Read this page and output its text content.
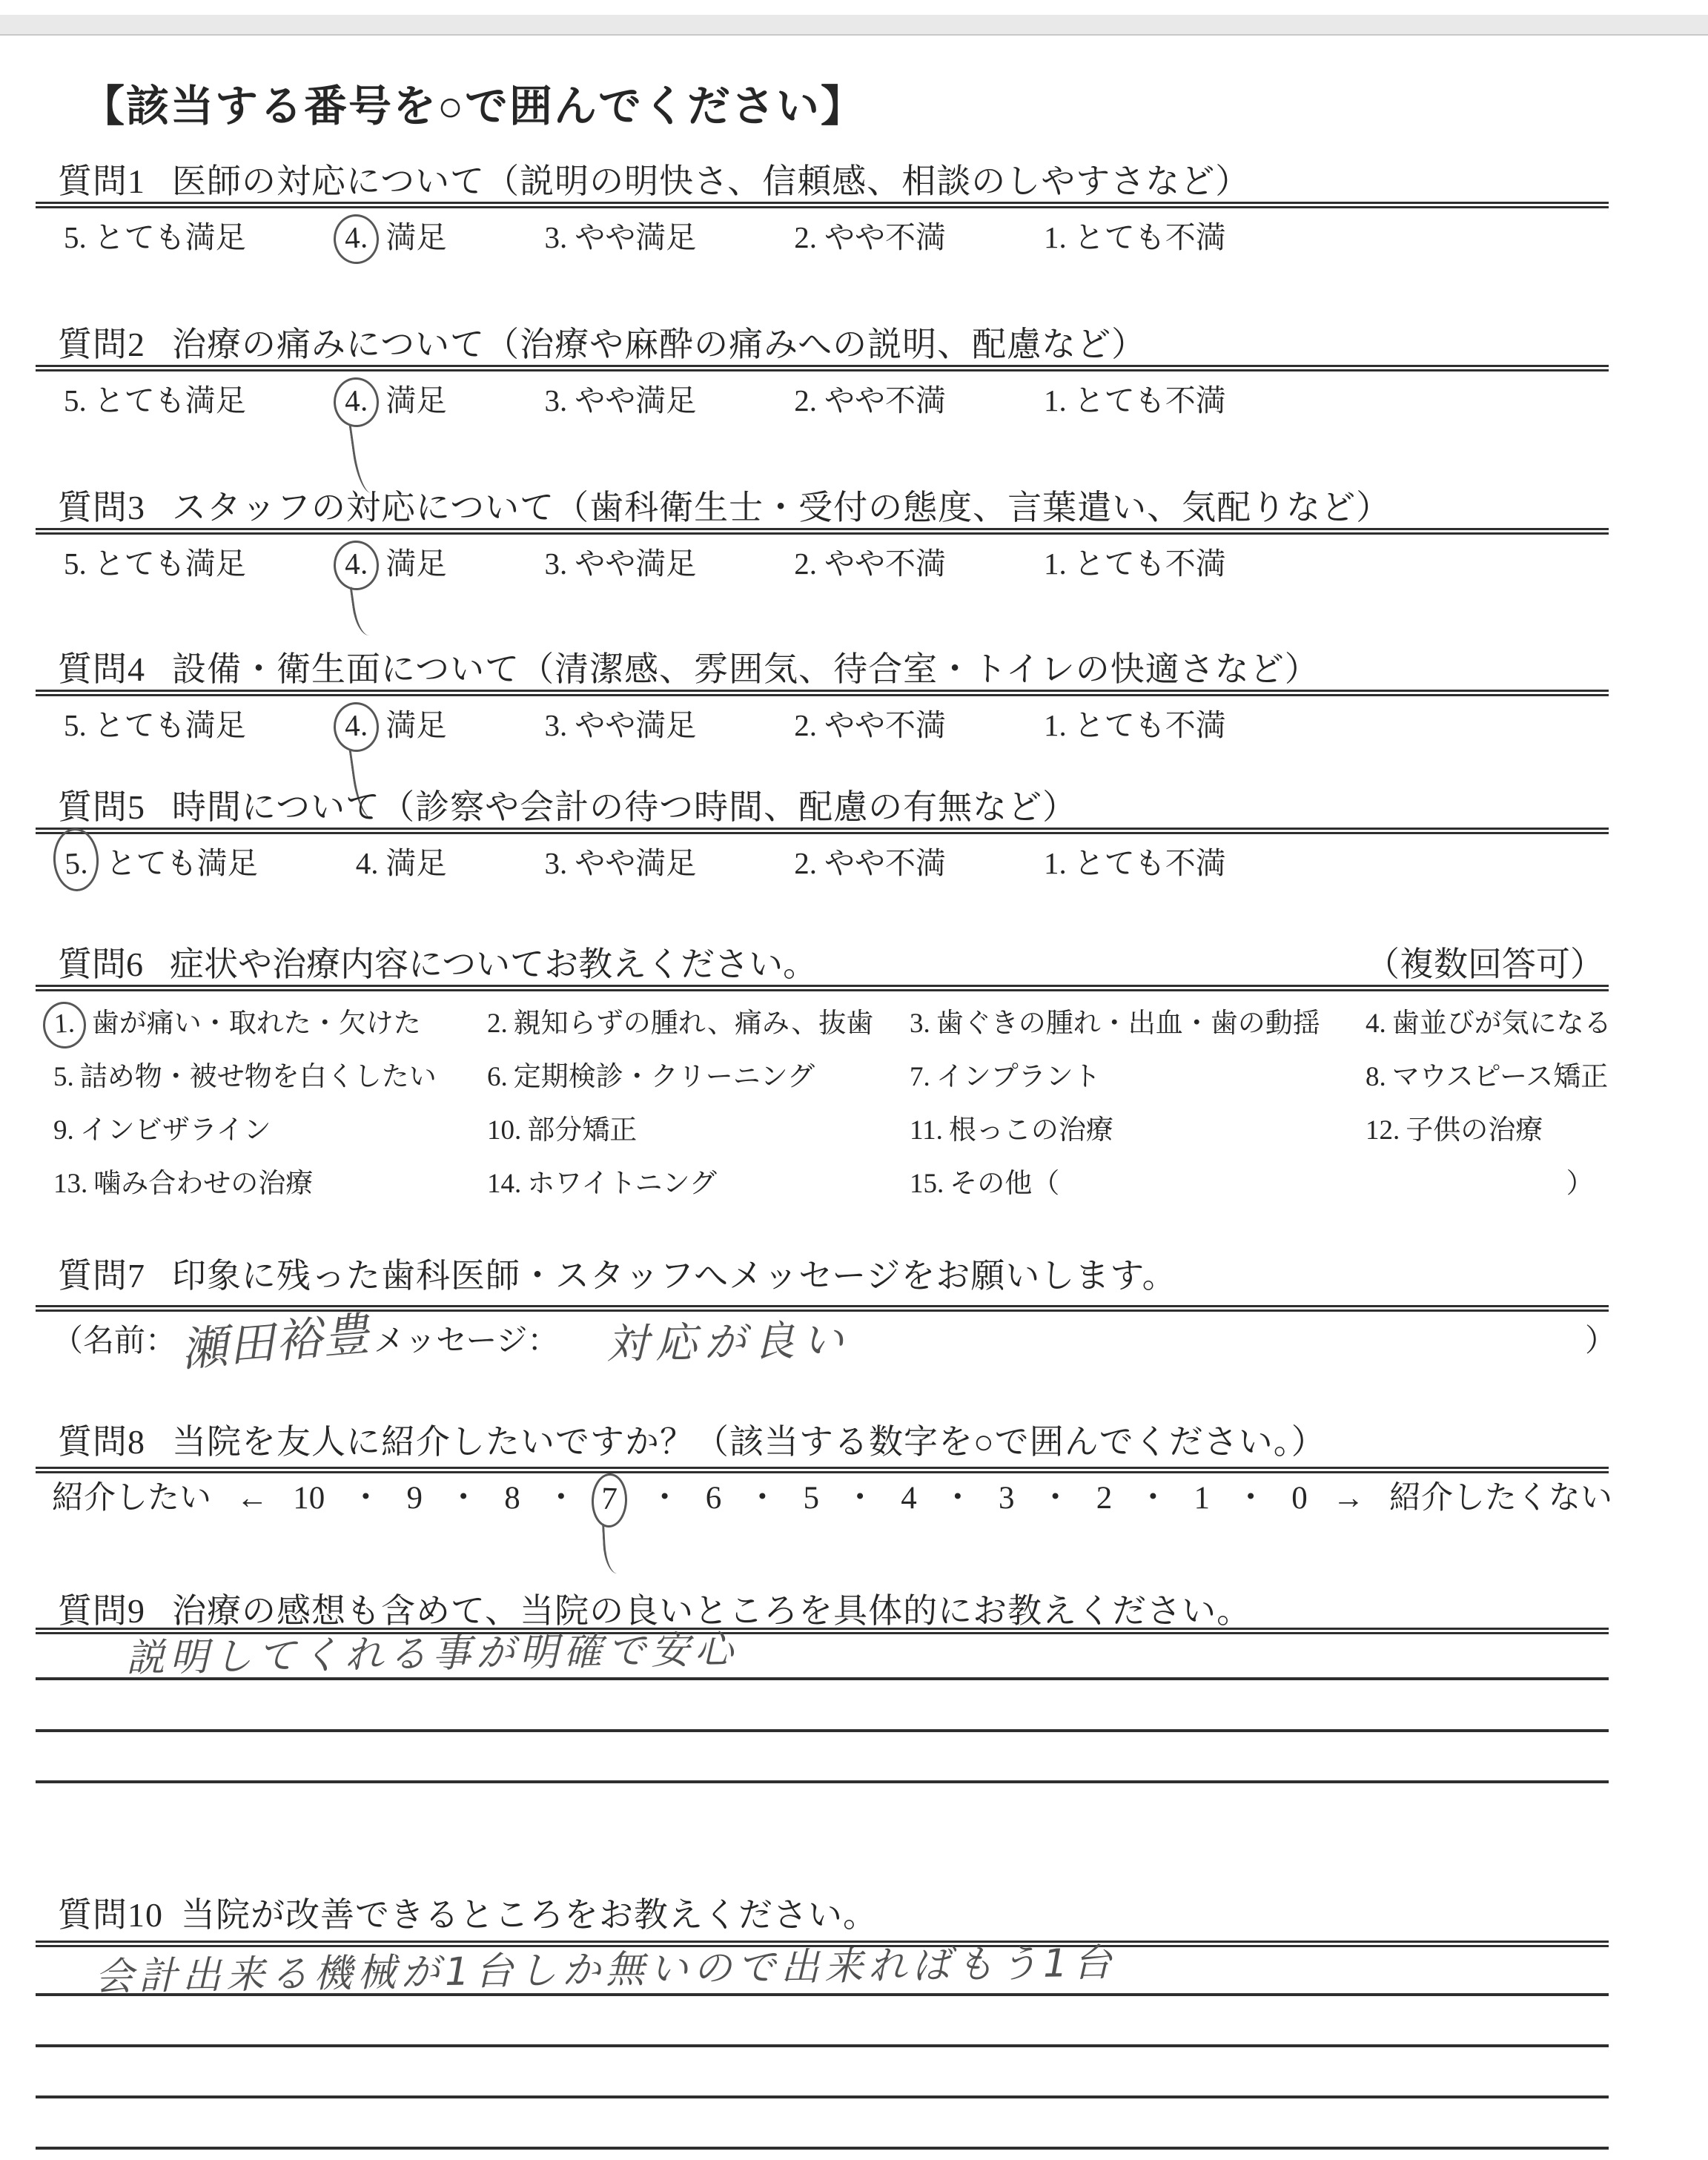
【該当する番号を○で囲んでください】
質問1 医師の対応について（説明の明快さ、信頼感、相談のしやすさなど）
5. とても満足	4. 満足	3. やや満足	2. やや不満	1. とても不満
質問2 治療の痛みについて（治療や麻酔の痛みへの説明、配慮など）
5. とても満足	4. 満足	3. やや満足	2. やや不満	1. とても不満
質問3 スタッフの対応について（歯科衛生士・受付の態度、言葉遣い、気配りなど）
5. とても満足	4. 満足	3. やや満足	2. やや不満	1. とても不満
質問4 設備・衛生面について（清潔感、雰囲気、待合室・トイレの快適さなど）
5. とても満足	4. 満足	3. やや満足	2. やや不満	1. とても不満
質問5 時間について（診察や会計の待つ時間、配慮の有無など）
5. とても満足	4. 満足	3. やや満足	2. やや不満	1. とても不満
質問6 症状や治療内容についてお教えください。	（複数回答可）
1. 歯が痛い・取れた・欠けた	2. 親知らずの腫れ、痛み、抜歯	3. 歯ぐきの腫れ・出血・歯の動揺	4. 歯並びが気になる
5. 詰め物・被せ物を白くしたい	6. 定期検診・クリーニング	7. インプラント	8. マウスピース矯正
9. インビザライン	10. 部分矯正	11. 根っこの治療	12. 子供の治療
13. 噛み合わせの治療	14. ホワイトニング	15. その他（	）
質問7 印象に残った歯科医師・スタッフへメッセージをお願いします。
（名前： 瀬田裕豊 メッセージ： 対応が良い	）
質問8 当院を友人に紹介したいですか？（該当する数字を○で囲んでください。）
紹介したい ← 10 ・ 9 ・ 8 ・ 7 ・ 6 ・ 5 ・ 4 ・ 3 ・ 2 ・ 1 ・ 0 → 紹介したくない
質問9 治療の感想も含めて、当院の良いところを具体的にお教えください。
説明してくれる事が明確で安心
質問10 当院が改善できるところをお教えください。
会計出来る機械が1台しか無いので出来ればもう1台
